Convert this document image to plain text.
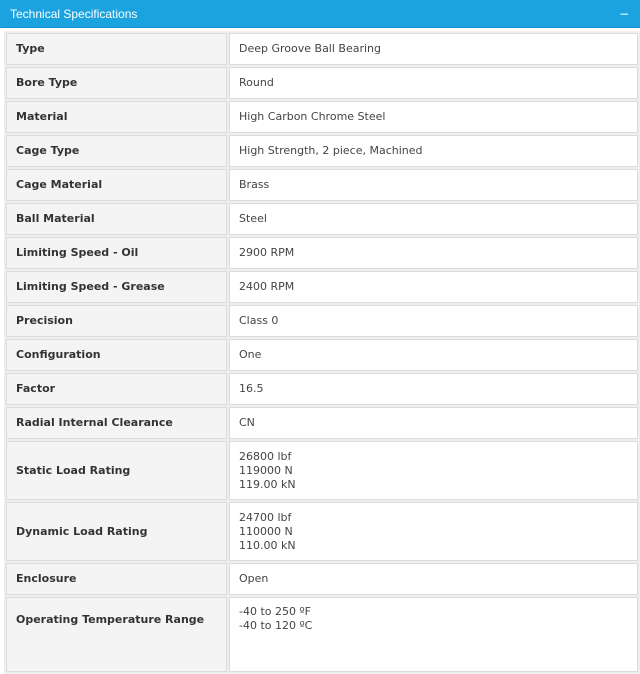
Technical Specifications	−
Type	Deep Groove Ball Bearing
Bore Type	Round
Material	High Carbon Chrome Steel
Cage Type	High Strength, 2 piece, Machined
Cage Material	Brass
Ball Material	Steel
Limiting Speed - Oil	2900 RPM
Limiting Speed - Grease	2400 RPM
Precision	Class 0
Configuration	One
Factor	16.5
Radial Internal Clearance	CN
Static Load Rating	26800 lbf
119000 N
119.00 kN

Dynamic Load Rating	24700 lbf
110000 N
110.00 kN

Enclosure	Open
Operating Temperature Range	-40 to 250 ºF
-40 to 120 ºC
